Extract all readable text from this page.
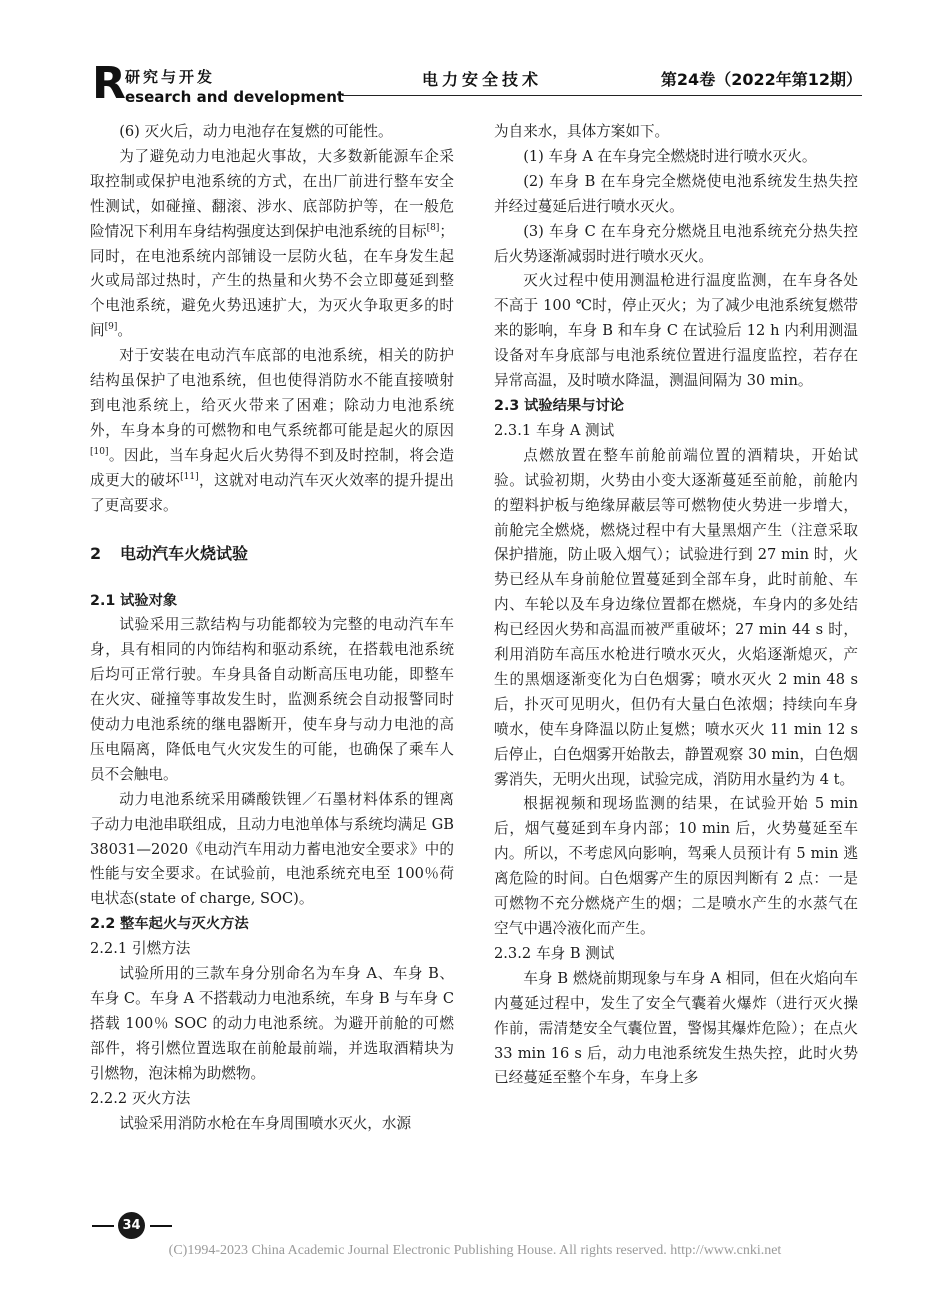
R 研究与开发
esearch and development
电力安全技术	第24卷（2022年第12期）

(6) 灭火后，动力电池存在复燃的可能性。

为了避免动力电池起火事故，大多数新能源车企采取控制或保护电池系统的方式，在出厂前进行整车安全性测试，如碰撞、翻滚、涉水、底部防护等，在一般危险情况下利用车身结构强度达到保护电池系统的目标[8]；同时，在电池系统内部铺设一层防火毡，在车身发生起火或局部过热时，产生的热量和火势不会立即蔓延到整个电池系统，避免火势迅速扩大，为灭火争取更多的时间[9]。

对于安装在电动汽车底部的电池系统，相关的防护结构虽保护了电池系统，但也使得消防水不能直接喷射到电池系统上，给灭火带来了困难；除动力电池系统外，车身本身的可燃物和电气系统都可能是起火的原因[10]。因此，当车身起火后火势得不到及时控制，将会造成更大的破坏[11]，这就对电动汽车灭火效率的提升提出了更高要求。

2 电动汽车火烧试验

2.1 试验对象

试验采用三款结构与功能都较为完整的电动汽车车身，具有相同的内饰结构和驱动系统，在搭载电池系统后均可正常行驶。车身具备自动断高压电功能，即整车在火灾、碰撞等事故发生时，监测系统会自动报警同时使动力电池系统的继电器断开，使车身与动力电池的高压电隔离，降低电气火灾发生的可能，也确保了乘车人员不会触电。

动力电池系统采用磷酸铁锂／石墨材料体系的锂离子动力电池串联组成，且动力电池单体与系统均满足 GB 38031—2020《电动汽车用动力蓄电池安全要求》中的性能与安全要求。在试验前，电池系统充电至 100％荷电状态(state of charge, SOC)。

2.2 整车起火与灭火方法

2.2.1 引燃方法

试验所用的三款车身分别命名为车身 A、车身 B、车身 C。车身 A 不搭载动力电池系统，车身 B 与车身 C 搭载 100％ SOC 的动力电池系统。为避开前舱的可燃部件，将引燃位置选取在前舱最前端，并选取酒精块为引燃物，泡沫棉为助燃物。

2.2.2 灭火方法

试验采用消防水枪在车身周围喷水灭火，水源

为自来水，具体方案如下。

(1) 车身 A 在车身完全燃烧时进行喷水灭火。

(2) 车身 B 在车身完全燃烧使电池系统发生热失控并经过蔓延后进行喷水灭火。

(3) 车身 C 在车身充分燃烧且电池系统充分热失控后火势逐渐减弱时进行喷水灭火。

灭火过程中使用测温枪进行温度监测，在车身各处不高于 100 ℃时，停止灭火；为了减少电池系统复燃带来的影响，车身 B 和车身 C 在试验后 12 h 内利用测温设备对车身底部与电池系统位置进行温度监控，若存在异常高温，及时喷水降温，测温间隔为 30 min。

2.3 试验结果与讨论

2.3.1 车身 A 测试

点燃放置在整车前舱前端位置的酒精块，开始试验。试验初期，火势由小变大逐渐蔓延至前舱，前舱内的塑料护板与绝缘屏蔽层等可燃物使火势进一步增大，前舱完全燃烧，燃烧过程中有大量黑烟产生（注意采取保护措施，防止吸入烟气）；试验进行到 27 min 时，火势已经从车身前舱位置蔓延到全部车身，此时前舱、车内、车轮以及车身边缘位置都在燃烧，车身内的多处结构已经因火势和高温而被严重破坏；27 min 44 s 时，利用消防车高压水枪进行喷水灭火，火焰逐渐熄灭，产生的黑烟逐渐变化为白色烟雾；喷水灭火 2 min 48 s 后，扑灭可见明火，但仍有大量白色浓烟；持续向车身喷水，使车身降温以防止复燃；喷水灭火 11 min 12 s 后停止，白色烟雾开始散去，静置观察 30 min，白色烟雾消失，无明火出现，试验完成，消防用水量约为 4 t。

根据视频和现场监测的结果，在试验开始 5 min 后，烟气蔓延到车身内部；10 min 后，火势蔓延至车内。所以，不考虑风向影响，驾乘人员预计有 5 min 逃离危险的时间。白色烟雾产生的原因判断有 2 点：一是可燃物不充分燃烧产生的烟；二是喷水产生的水蒸气在空气中遇冷液化而产生。

2.3.2 车身 B 测试

车身 B 燃烧前期现象与车身 A 相同，但在火焰向车内蔓延过程中，发生了安全气囊着火爆炸（进行灭火操作前，需清楚安全气囊位置，警惕其爆炸危险）；在点火 33 min 16 s 后，动力电池系统发生热失控，此时火势已经蔓延至整个车身，车身上多

34
(C)1994-2023 China Academic Journal Electronic Publishing House. All rights reserved. http://www.cnki.net
